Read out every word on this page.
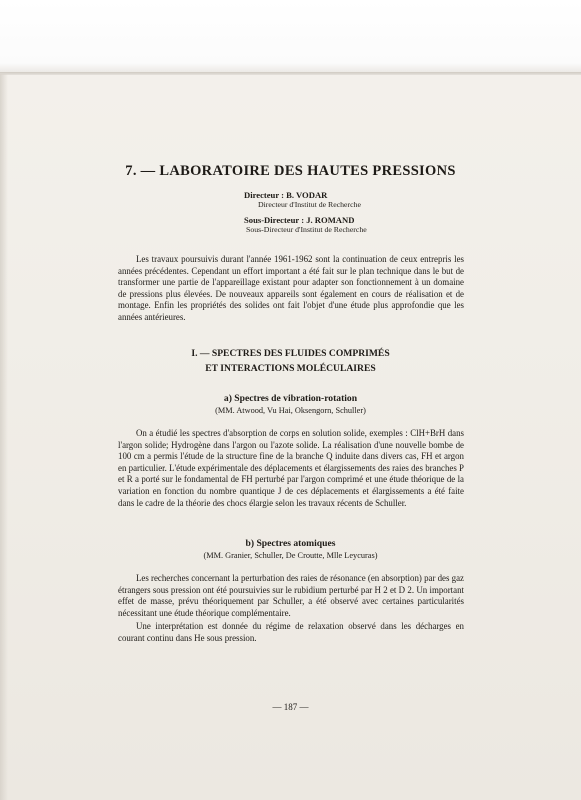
7. — LABORATOIRE DES HAUTES PRESSIONS
Directeur : B. VODAR
Directeur d'Institut de Recherche
Sous-Directeur : J. ROMAND
Sous-Directeur d'Institut de Recherche

Les travaux poursuivis durant l'année 1961-1962 sont la continuation de ceux entrepris les années précédentes. Cependant un effort important a été fait sur le plan technique dans le but de transformer une partie de l'appareillage existant pour adapter son fonctionnement à un domaine de pressions plus élevées. De nouveaux appareils sont également en cours de réalisation et de montage. Enfin les propriétés des solides ont fait l'objet d'une étude plus approfondie que les années antérieures.

I. — SPECTRES DES FLUIDES COMPRIMÉS
ET INTERACTIONS MOLÉCULAIRES
a) Spectres de vibration-rotation
(MM. Atwood, Vu Hai, Oksengorn, Schuller)

On a étudié les spectres d'absorption de corps en solution solide, exemples : ClH+BrH dans l'argon solide; Hydrogène dans l'argon ou l'azote solide. La réalisation d'une nouvelle bombe de 100 cm a permis l'étude de la structure fine de la branche Q induite dans divers cas, FH et argon en particulier. L'étude expérimentale des déplacements et élargissements des raies des branches P et R a porté sur le fondamental de FH perturbé par l'argon comprimé et une étude théorique de la variation en fonction du nombre quantique J de ces déplacements et élargissements a été faite dans le cadre de la théorie des chocs élargie selon les travaux récents de Schuller.

b) Spectres atomiques
(MM. Granier, Schuller, De Croutte, Mlle Leycuras)

Les recherches concernant la perturbation des raies de résonance (en absorption) par des gaz étrangers sous pression ont été poursuivies sur le rubidium perturbé par H 2 et D 2. Un important effet de masse, prévu théoriquement par Schuller, a été observé avec certaines particularités nécessitant une étude théorique complémentaire.

Une interprétation est donnée du régime de relaxation observé dans les décharges en courant continu dans He sous pression.

— 187 —
